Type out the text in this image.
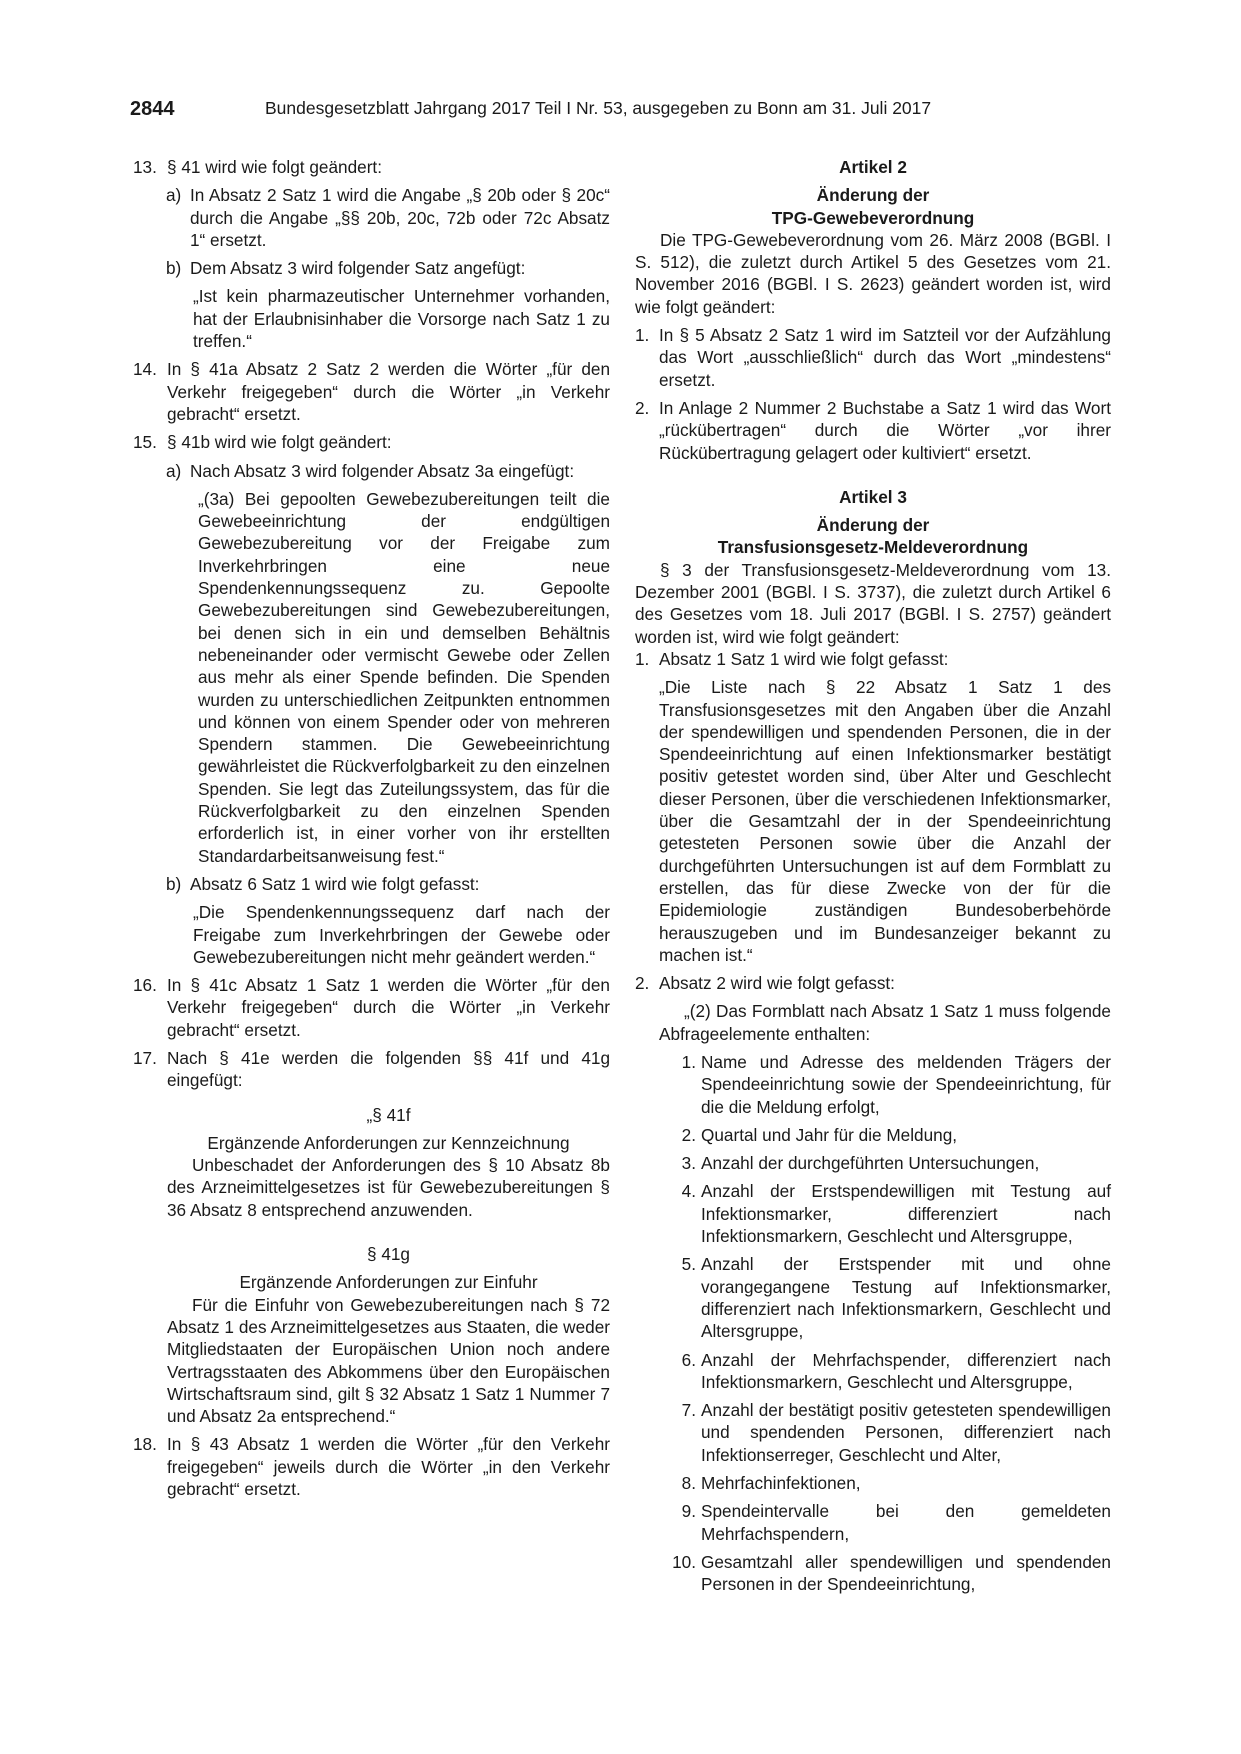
2844	Bundesgesetzblatt Jahrgang 2017 Teil I Nr. 53, ausgegeben zu Bonn am 31. Juli 2017
13. § 41 wird wie folgt geändert:
a) In Absatz 2 Satz 1 wird die Angabe „§ 20b oder § 20c“ durch die Angabe „§§ 20b, 20c, 72b oder 72c Absatz 1“ ersetzt.
b) Dem Absatz 3 wird folgender Satz angefügt:
„Ist kein pharmazeutischer Unternehmer vorhanden, hat der Erlaubnisinhaber die Vorsorge nach Satz 1 zu treffen.“
14. In § 41a Absatz 2 Satz 2 werden die Wörter „für den Verkehr freigegeben“ durch die Wörter „in Verkehr gebracht“ ersetzt.
15. § 41b wird wie folgt geändert:
a) Nach Absatz 3 wird folgender Absatz 3a eingefügt:
„(3a) Bei gepoolten Gewebezubereitungen teilt die Gewebeeinrichtung der endgültigen Gewebezubereitung vor der Freigabe zum Inverkehrbringen eine neue Spendenkennungssequenz zu. Gepoolte Gewebezubereitungen sind Gewebezubereitungen, bei denen sich in ein und demselben Behältnis nebeneinander oder vermischt Gewebe oder Zellen aus mehr als einer Spende befinden. Die Spenden wurden zu unterschiedlichen Zeitpunkten entnommen und können von einem Spender oder von mehreren Spendern stammen. Die Gewebeeinrichtung gewährleistet die Rückverfolgbarkeit zu den einzelnen Spenden. Sie legt das Zuteilungssystem, das für die Rückverfolgbarkeit zu den einzelnen Spenden erforderlich ist, in einer vorher von ihr erstellten Standardarbeitsanweisung fest.“
b) Absatz 6 Satz 1 wird wie folgt gefasst:
„Die Spendenkennungssequenz darf nach der Freigabe zum Inverkehrbringen der Gewebe oder Gewebezubereitungen nicht mehr geändert werden.“
16. In § 41c Absatz 1 Satz 1 werden die Wörter „für den Verkehr freigegeben“ durch die Wörter „in Verkehr gebracht“ ersetzt.
17. Nach § 41e werden die folgenden §§ 41f und 41g eingefügt:
„§ 41f
Ergänzende Anforderungen zur Kennzeichnung
Unbeschadet der Anforderungen des § 10 Absatz 8b des Arzneimittelgesetzes ist für Gewebezubereitungen § 36 Absatz 8 entsprechend anzuwenden.
§ 41g
Ergänzende Anforderungen zur Einfuhr
Für die Einfuhr von Gewebezubereitungen nach § 72 Absatz 1 des Arzneimittelgesetzes aus Staaten, die weder Mitgliedstaaten der Europäischen Union noch andere Vertragsstaaten des Abkommens über den Europäischen Wirtschaftsraum sind, gilt § 32 Absatz 1 Satz 1 Nummer 7 und Absatz 2a entsprechend.“
18. In § 43 Absatz 1 werden die Wörter „für den Verkehr freigegeben“ jeweils durch die Wörter „in den Verkehr gebracht“ ersetzt.
Artikel 2
Änderung der
TPG-Gewebeverordnung
Die TPG-Gewebeverordnung vom 26. März 2008 (BGBl. I S. 512), die zuletzt durch Artikel 5 des Gesetzes vom 21. November 2016 (BGBl. I S. 2623) geändert worden ist, wird wie folgt geändert:
1. In § 5 Absatz 2 Satz 1 wird im Satzteil vor der Aufzählung das Wort „ausschließlich“ durch das Wort „mindestens“ ersetzt.
2. In Anlage 2 Nummer 2 Buchstabe a Satz 1 wird das Wort „rückübertragen“ durch die Wörter „vor ihrer Rückübertragung gelagert oder kultiviert“ ersetzt.
Artikel 3
Änderung der
Transfusionsgesetz-Meldeverordnung
§ 3 der Transfusionsgesetz-Meldeverordnung vom 13. Dezember 2001 (BGBl. I S. 3737), die zuletzt durch Artikel 6 des Gesetzes vom 18. Juli 2017 (BGBl. I S. 2757) geändert worden ist, wird wie folgt geändert:
1. Absatz 1 Satz 1 wird wie folgt gefasst:
„Die Liste nach § 22 Absatz 1 Satz 1 des Transfusionsgesetzes mit den Angaben über die Anzahl der spendewilligen und spendenden Personen, die in der Spendeeinrichtung auf einen Infektionsmarker bestätigt positiv getestet worden sind, über Alter und Geschlecht dieser Personen, über die verschiedenen Infektionsmarker, über die Gesamtzahl der in der Spendeeinrichtung getesteten Personen sowie über die Anzahl der durchgeführten Untersuchungen ist auf dem Formblatt zu erstellen, das für diese Zwecke von der für die Epidemiologie zuständigen Bundesoberbehörde herauszugeben und im Bundesanzeiger bekannt zu machen ist.“
2. Absatz 2 wird wie folgt gefasst:
„(2) Das Formblatt nach Absatz 1 Satz 1 muss folgende Abfrageelemente enthalten:
1. Name und Adresse des meldenden Trägers der Spendeeinrichtung sowie der Spendeeinrichtung, für die die Meldung erfolgt,
2. Quartal und Jahr für die Meldung,
3. Anzahl der durchgeführten Untersuchungen,
4. Anzahl der Erstspendewilligen mit Testung auf Infektionsmarker, differenziert nach Infektionsmarkern, Geschlecht und Altersgruppe,
5. Anzahl der Erstspender mit und ohne vorangegangene Testung auf Infektionsmarker, differenziert nach Infektionsmarkern, Geschlecht und Altersgruppe,
6. Anzahl der Mehrfachspender, differenziert nach Infektionsmarkern, Geschlecht und Altersgruppe,
7. Anzahl der bestätigt positiv getesteten spendewilligen und spendenden Personen, differenziert nach Infektionserreger, Geschlecht und Alter,
8. Mehrfachinfektionen,
9. Spendeintervalle bei den gemeldeten Mehrfachspendern,
10. Gesamtzahl aller spendewilligen und spendenden Personen in der Spendeeinrichtung,
